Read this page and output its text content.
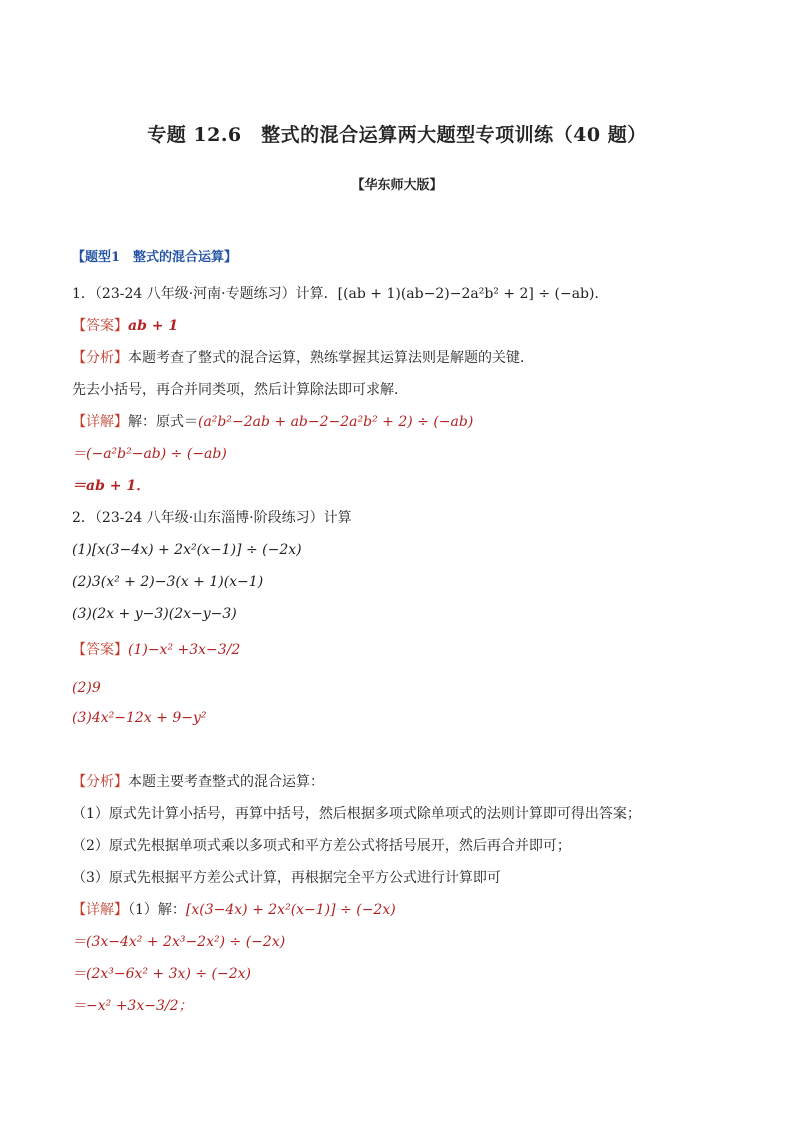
专题 12.6　整式的混合运算两大题型专项训练（40 题）
【华东师大版】
【题型1　整式的混合运算】
1．（23-24 八年级·河南·专题练习）计算．[(ab + 1)(ab−2)−2a²b² + 2] ÷ (−ab)．
【答案】ab + 1
【分析】本题考查了整式的混合运算，熟练掌握其运算法则是解题的关键．
先去小括号，再合并同类项，然后计算除法即可求解．
【详解】解：原式＝(a²b²−2ab + ab−2−2a²b² + 2) ÷ (−ab)
＝(−a²b²−ab) ÷ (−ab)
＝ab + 1．
2．（23-24 八年级·山东淄博·阶段练习）计算
(1)[x(3−4x) + 2x²(x−1)] ÷ (−2x)
(2)3(x² + 2)−3(x + 1)(x−1)
(3)(2x + y−3)(2x−y−3)
【答案】(1)−x² +3x−3/2
(2)9
(3)4x²−12x + 9−y²
【分析】本题主要考查整式的混合运算：
（1）原式先计算小括号，再算中括号，然后根据多项式除单项式的法则计算即可得出答案；
（2）原式先根据单项式乘以多项式和平方差公式将括号展开，然后再合并即可；
（3）原式先根据平方差公式计算，再根据完全平方公式进行计算即可
【详解】（1）解：[x(3−4x) + 2x²(x−1)] ÷ (−2x)
＝(3x−4x² + 2x³−2x²) ÷ (−2x)
＝(2x³−6x² + 3x) ÷ (−2x)
＝−x² +3x−3/2；
